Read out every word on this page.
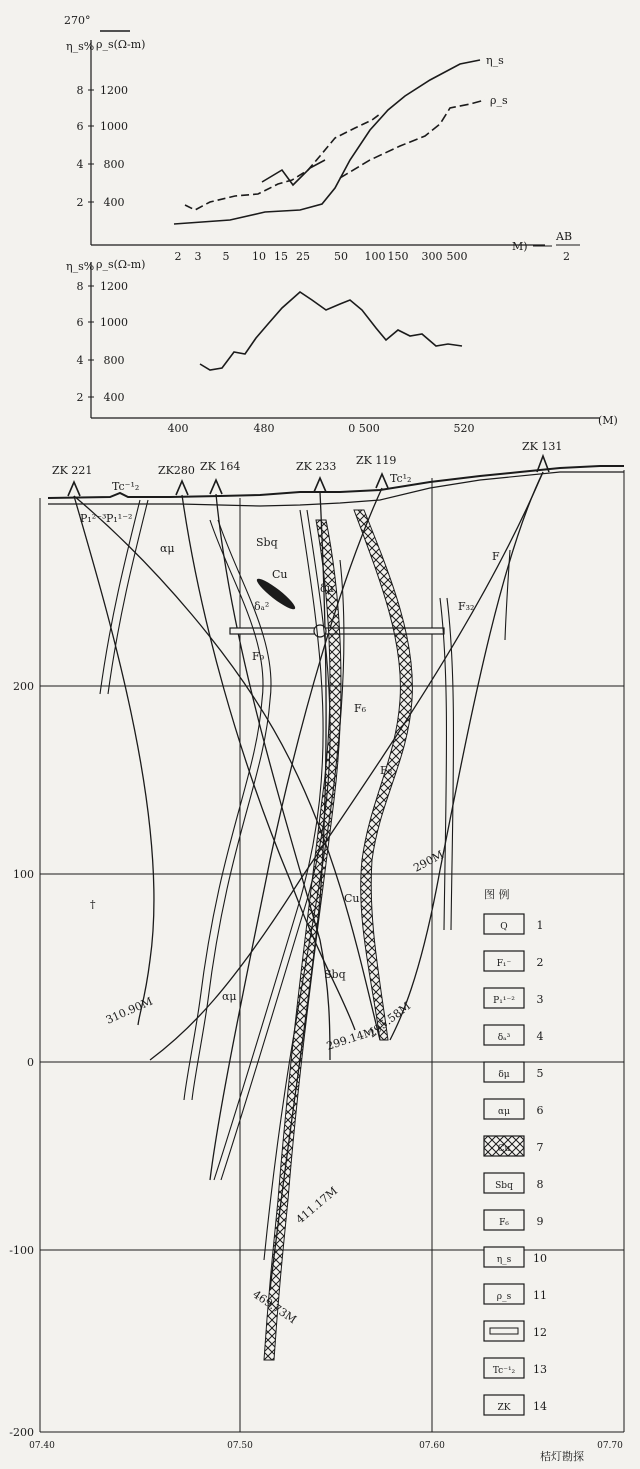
270°
η_s% ρ_s(Ω-m)
8 1200
6 1000
4 800
2 400
2 3 5 10 15 25 50 100 150 300 500
M)
AB
2
η_s
ρ_s
η_s% ρ_s(Ω-m)
8 1200
6 1000
4 800
2 400
400	480	0 500	520
(M)
200
100
0
-100
-200
07.40	07.50	07.60	07.70
ZK 221	ZK280 ZK 164	ZK 233 ZK 119
ZK 131
Tc⁻¹₂
Tc¹₂
P₁²⁻³ P₁¹⁻²
αμ	Sbq
Cu
δₐ²
δμ
F₉
F₆
F₈
F₃₂
F
Cu
Sbq
αμ
†
310.90M
299.14M
295.58M
290M
411.17M
469.73M
图 例
Q	1
F₁⁻ 2
P₁¹⁻² 3
δₐ³ 4
δμ 5
αμ 6
Cu 7
Sbq 8
F₆	9
η_s 10
ρ_s 11
12
Tc⁻¹₂ 13
ZK 14
桔灯勘探
